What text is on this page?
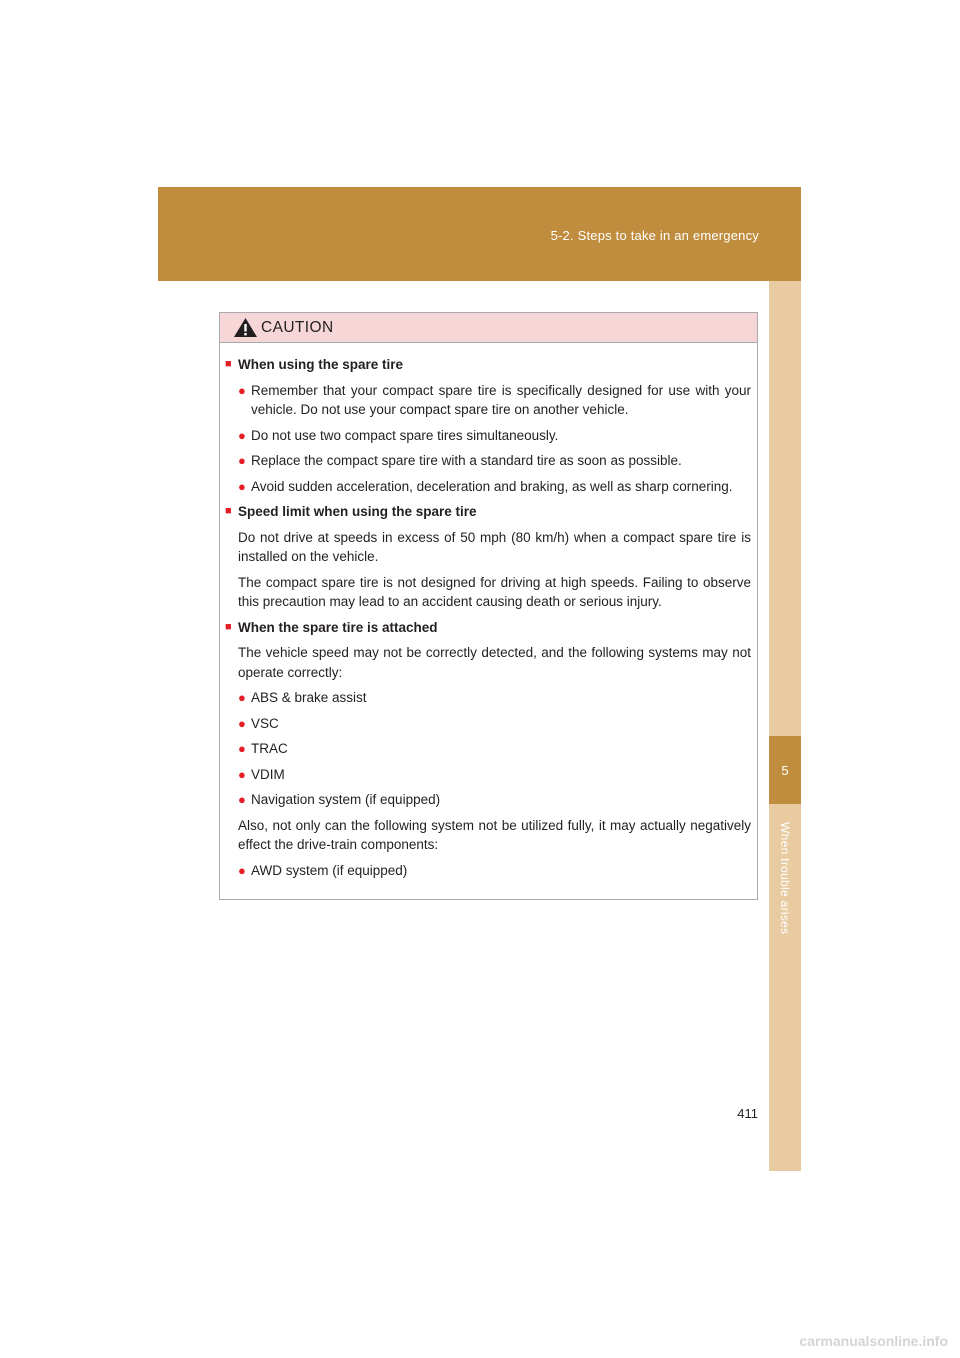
5-2. Steps to take in an emergency
5
When trouble arises
CAUTION
■ When using the spare tire
● Remember that your compact spare tire is specifically designed for use with your vehicle. Do not use your compact spare tire on another vehicle.
● Do not use two compact spare tires simultaneously.
● Replace the compact spare tire with a standard tire as soon as possible.
● Avoid sudden acceleration, deceleration and braking, as well as sharp cornering.
■ Speed limit when using the spare tire
Do not drive at speeds in excess of 50 mph (80 km/h) when a compact spare tire is installed on the vehicle.
The compact spare tire is not designed for driving at high speeds. Failing to observe this precaution may lead to an accident causing death or serious injury.
■ When the spare tire is attached
The vehicle speed may not be correctly detected, and the following systems may not operate correctly:
● ABS & brake assist
● VSC
● TRAC
● VDIM
● Navigation system (if equipped)
Also, not only can the following system not be utilized fully, it may actually negatively effect the drive-train components:
● AWD system (if equipped)
411
carmanualsonline.info
